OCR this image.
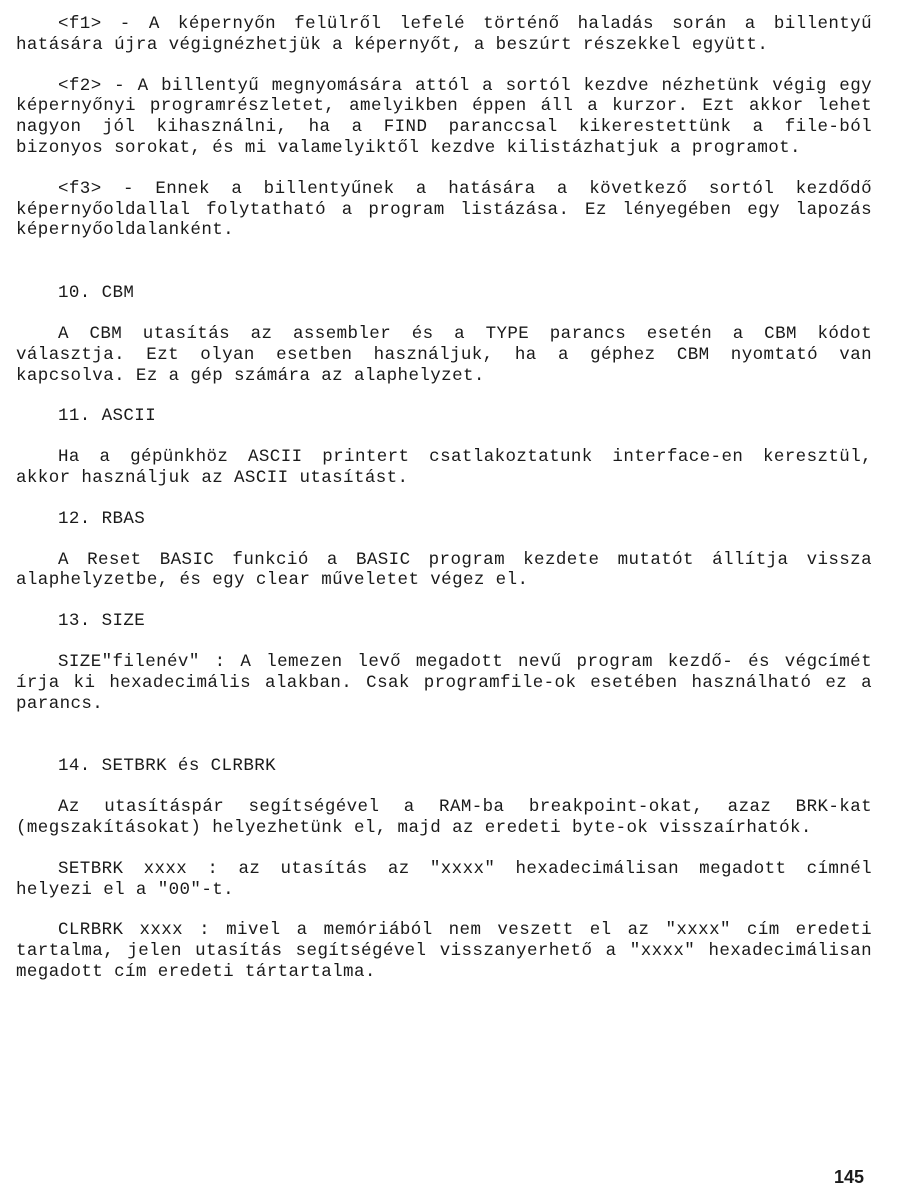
<f1> - A képernyőn felülről lefelé történő haladás során a billentyű hatására újra végignézhetjük a képernyőt, a beszúrt részekkel együtt.

<f2> - A billentyű megnyomására attól a sortól kezdve nézhetünk végig egy képernyőnyi programrészletet, amelyikben éppen áll a kurzor. Ezt akkor lehet nagyon jól kihasználni, ha a FIND paranccsal kikerestettünk a file-ból bizonyos sorokat, és mi valamelyiktől kezdve kilistázhatjuk a programot.

<f3> - Ennek a billentyűnek a hatására a következő sortól kezdődő képernyőoldallal folytatható a program listázása. Ez lényegében egy lapozás képernyőoldalanként.

10. CBM

A CBM utasítás az assembler és a TYPE parancs esetén a CBM kódot választja. Ezt olyan esetben használjuk, ha a géphez CBM nyomtató van kapcsolva. Ez a gép számára az alaphelyzet.

11. ASCII

Ha a gépünkhöz ASCII printert csatlakoztatunk interface-en keresztül, akkor használjuk az ASCII utasítást.

12. RBAS

A Reset BASIC funkció a BASIC program kezdete mutatót állítja vissza alaphelyzetbe, és egy clear műveletet végez el.

13. SIZE

SIZE"filenév" : A lemezen levő megadott nevű program kezdő- és végcímét írja ki hexadecimális alakban. Csak programfile-ok esetében használható ez a parancs.

14. SETBRK és CLRBRK

Az utasításpár segítségével a RAM-ba breakpoint-okat, azaz BRK-kat (megszakításokat) helyezhetünk el, majd az eredeti byte-ok visszaírhatók.

SETBRK xxxx : az utasítás az "xxxx" hexadecimálisan megadott címnél helyezi el a "00"-t.

CLRBRK xxxx : mivel a memóriából nem veszett el az "xxxx" cím eredeti tartalma, jelen utasítás segítségével visszanyerhető a "xxxx" hexadecimálisan megadott cím eredeti tártartalma.

145
